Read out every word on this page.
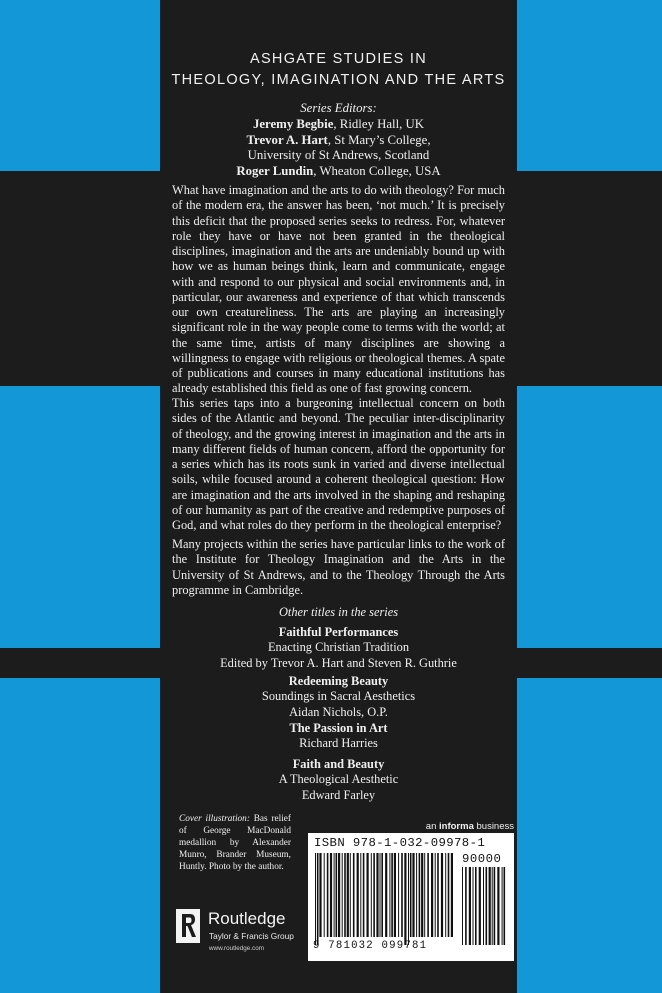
ASHGATE STUDIES IN
THEOLOGY, IMAGINATION AND THE ARTS
Series Editors:
Jeremy Begbie, Ridley Hall, UK
Trevor A. Hart, St Mary’s College,
University of St Andrews, Scotland
Roger Lundin, Wheaton College, USA
What have imagination and the arts to do with theology? For much of the modern era, the answer has been, ‘not much.’ It is precisely this deficit that the proposed series seeks to redress. For, whatever role they have or have not been granted in the theological disciplines, imagination and the arts are undeniably bound up with how we as human beings think, learn and communicate, engage with and respond to our physical and social environments and, in particular, our awareness and experience of that which transcends our own creatureliness. The arts are playing an increasingly significant role in the way people come to terms with the world; at the same time, artists of many disciplines are showing a willingness to engage with religious or theological themes. A spate of publications and courses in many educational institutions has already established this field as one of fast growing concern.
This series taps into a burgeoning intellectual concern on both sides of the Atlantic and beyond. The peculiar inter-disciplinarity of theology, and the growing interest in imagination and the arts in many different fields of human concern, afford the opportunity for a series which has its roots sunk in varied and diverse intellectual soils, while focused around a coherent theological question: How are imagination and the arts involved in the shaping and reshaping of our humanity as part of the creative and redemptive purposes of God, and what roles do they perform in the theological enterprise?
Many projects within the series have particular links to the work of the Institute for Theology Imagination and the Arts in the University of St Andrews, and to the Theology Through the Arts programme in Cambridge.
Other titles in the series
Faithful Performances
Enacting Christian Tradition
Edited by Trevor A. Hart and Steven R. Guthrie
Redeeming Beauty
Soundings in Sacral Aesthetics
Aidan Nichols, O.P.
The Passion in Art
Richard Harries
Faith and Beauty
A Theological Aesthetic
Edward Farley
Cover illustration: Bas relief of George MacDonald medallion by Alexander Munro, Brander Museum, Huntly. Photo by the author.
Routledge
Taylor & Francis Group
www.routledge.com
an informa business
ISBN 978-1-032-09978-1
9 781032 099781
90000
